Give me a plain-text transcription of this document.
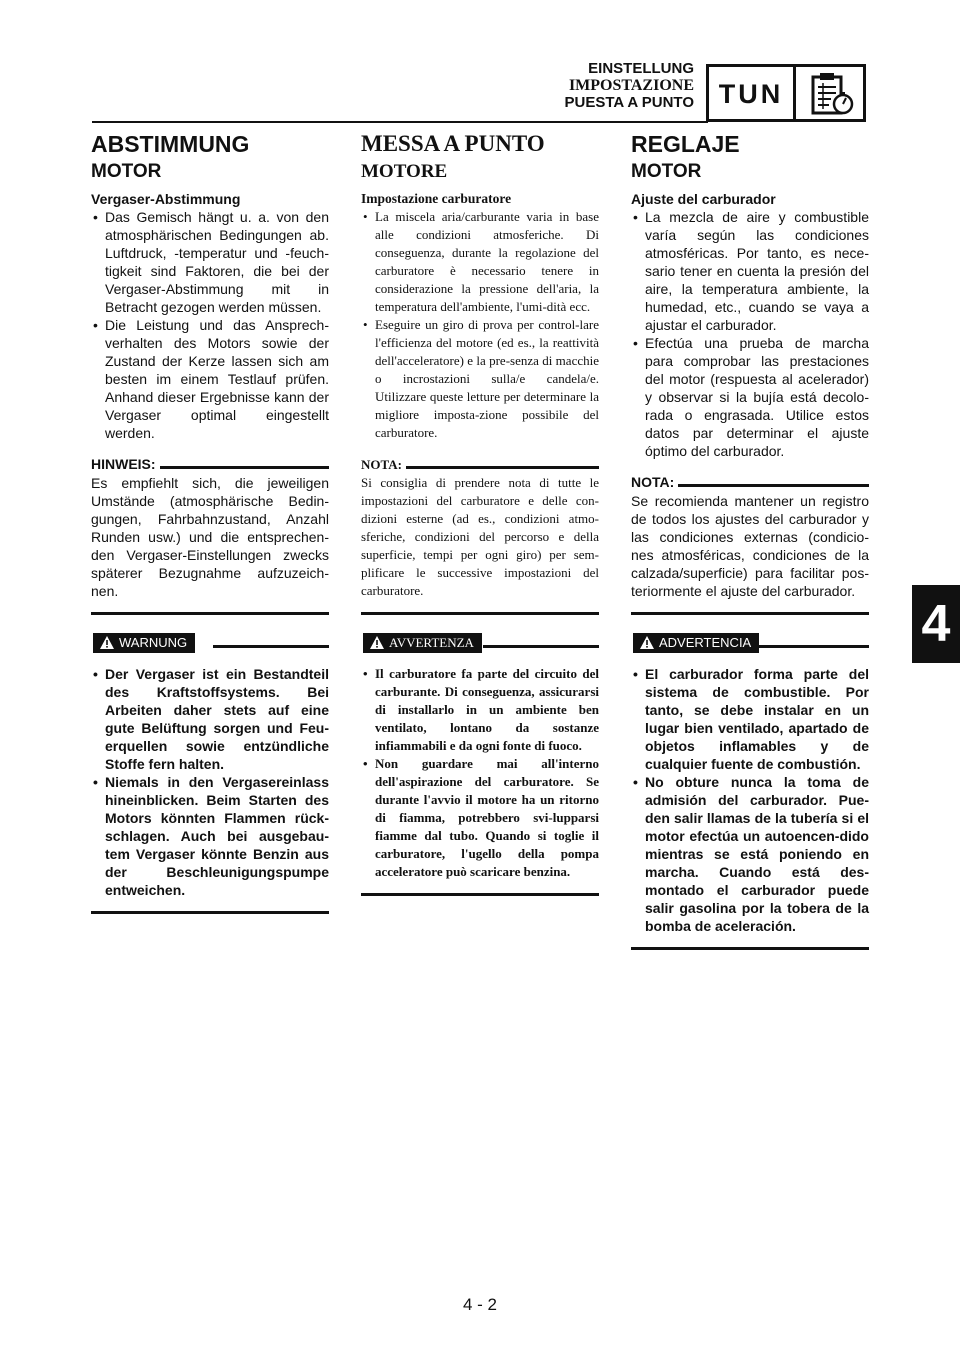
EINSTELLUNG
IMPOSTAZIONE
PUESTA A PUNTO TUN
ABSTIMMUNG
MOTOR
Vergaser-Abstimmung
• Das Gemisch hängt u. a. von den atmosphärischen Bedingungen ab. Luftdruck, -temperatur und -feuch-tigkeit sind Faktoren, die bei der Vergaser-Abstimmung mit in Betracht gezogen werden müssen.
• Die Leistung und das Ansprech-verhalten des Motors sowie der Zustand der Kerze lassen sich am besten im einem Testlauf prüfen. Anhand dieser Ergebnisse kann der Vergaser optimal eingestellt werden.
HINWEIS:

Es empfiehlt sich, die jeweiligen Umstände (atmosphärische Bedin-gungen, Fahrbahnzustand, Anzahl Runden usw.) und die entsprechen-den Vergaser-Einstellungen zwecks späterer Bezugnahme aufzuzeich-nen.

WARNUNG
• Der Vergaser ist ein Bestandteil des Kraftstoffsystems. Bei Arbeiten daher stets auf eine gute Belüftung sorgen und Feu-erquellen sowie entzündliche Stoffe fern halten.
• Niemals in den Vergasereinlass hineinblicken. Beim Starten des Motors könnten Flammen rück-schlagen. Auch bei ausgebau-tem Vergaser könnte Benzin aus der Beschleunigungspumpe entweichen.
MESSA A PUNTO
MOTORE
Impostazione carburatore
• La miscela aria/carburante varia in base alle condizioni atmosferiche. Di conseguenza, durante la regolazione del carburatore è necessario tenere in considerazione la pressione dell'aria, la temperatura dell'ambiente, l'umi-dità ecc.
• Eseguire un giro di prova per control-lare l'efficienza del motore (ed es., la reattività dell'acceleratore) e la pre-senza di macchie o incrostazioni sulla/e candela/e. Utilizzare queste letture per determinare la migliore imposta-zione possibile del carburatore.
NOTA:

Si consiglia di prendere nota di tutte le impostazioni del carburatore e delle con-dizioni esterne (ad es., condizioni atmo-sferiche, condizioni del percorso e della superficie, tempi per ogni giro) per sem-plificare le successive impostazioni del carburatore.

AVVERTENZA
• Il carburatore fa parte del circuito del carburante. Di conseguenza, assicurarsi di installarlo in un ambiente ben ventilato, lontano da sostanze infiammabili e da ogni fonte di fuoco.
• Non guardare mai all'interno dell'aspirazione del carburatore. Se durante l'avvio il motore ha un ritorno di fiamma, potrebbero svi-lupparsi fiamme dal tubo. Quando si toglie il carburatore, l'ugello della pompa acceleratore può scaricare benzina.
REGLAJE
MOTOR
Ajuste del carburador
• La mezcla de aire y combustible varía según las condiciones atmosféricas. Por tanto, es nece-sario tener en cuenta la presión del aire, la temperatura ambiente, la humedad, etc., cuando se vaya a ajustar el carburador.
• Efectúa una prueba de marcha para comprobar las prestaciones del motor (respuesta al acelerador) y observar si la bujía está decolo-rada o engrasada. Utilice estos datos par determinar el ajuste óptimo del carburador.
NOTA:

Se recomienda mantener un registro de todos los ajustes del carburador y las condiciones externas (condicio-nes atmosféricas, condiciones de la calzada/superficie) para facilitar pos-teriormente el ajuste del carburador.

ADVERTENCIA
• El carburador forma parte del sistema de combustible. Por tanto, se debe instalar en un lugar bien ventilado, apartado de objetos inflamables y de cualquier fuente de combustión.
• No obture nunca la toma de admisión del carburador. Pue-den salir llamas de la tubería si el motor efectúa un autoencen-dido mientras se está poniendo en marcha. Cuando está des-montado el carburador puede salir gasolina por la tobera de la bomba de aceleración.
4
4 - 2
